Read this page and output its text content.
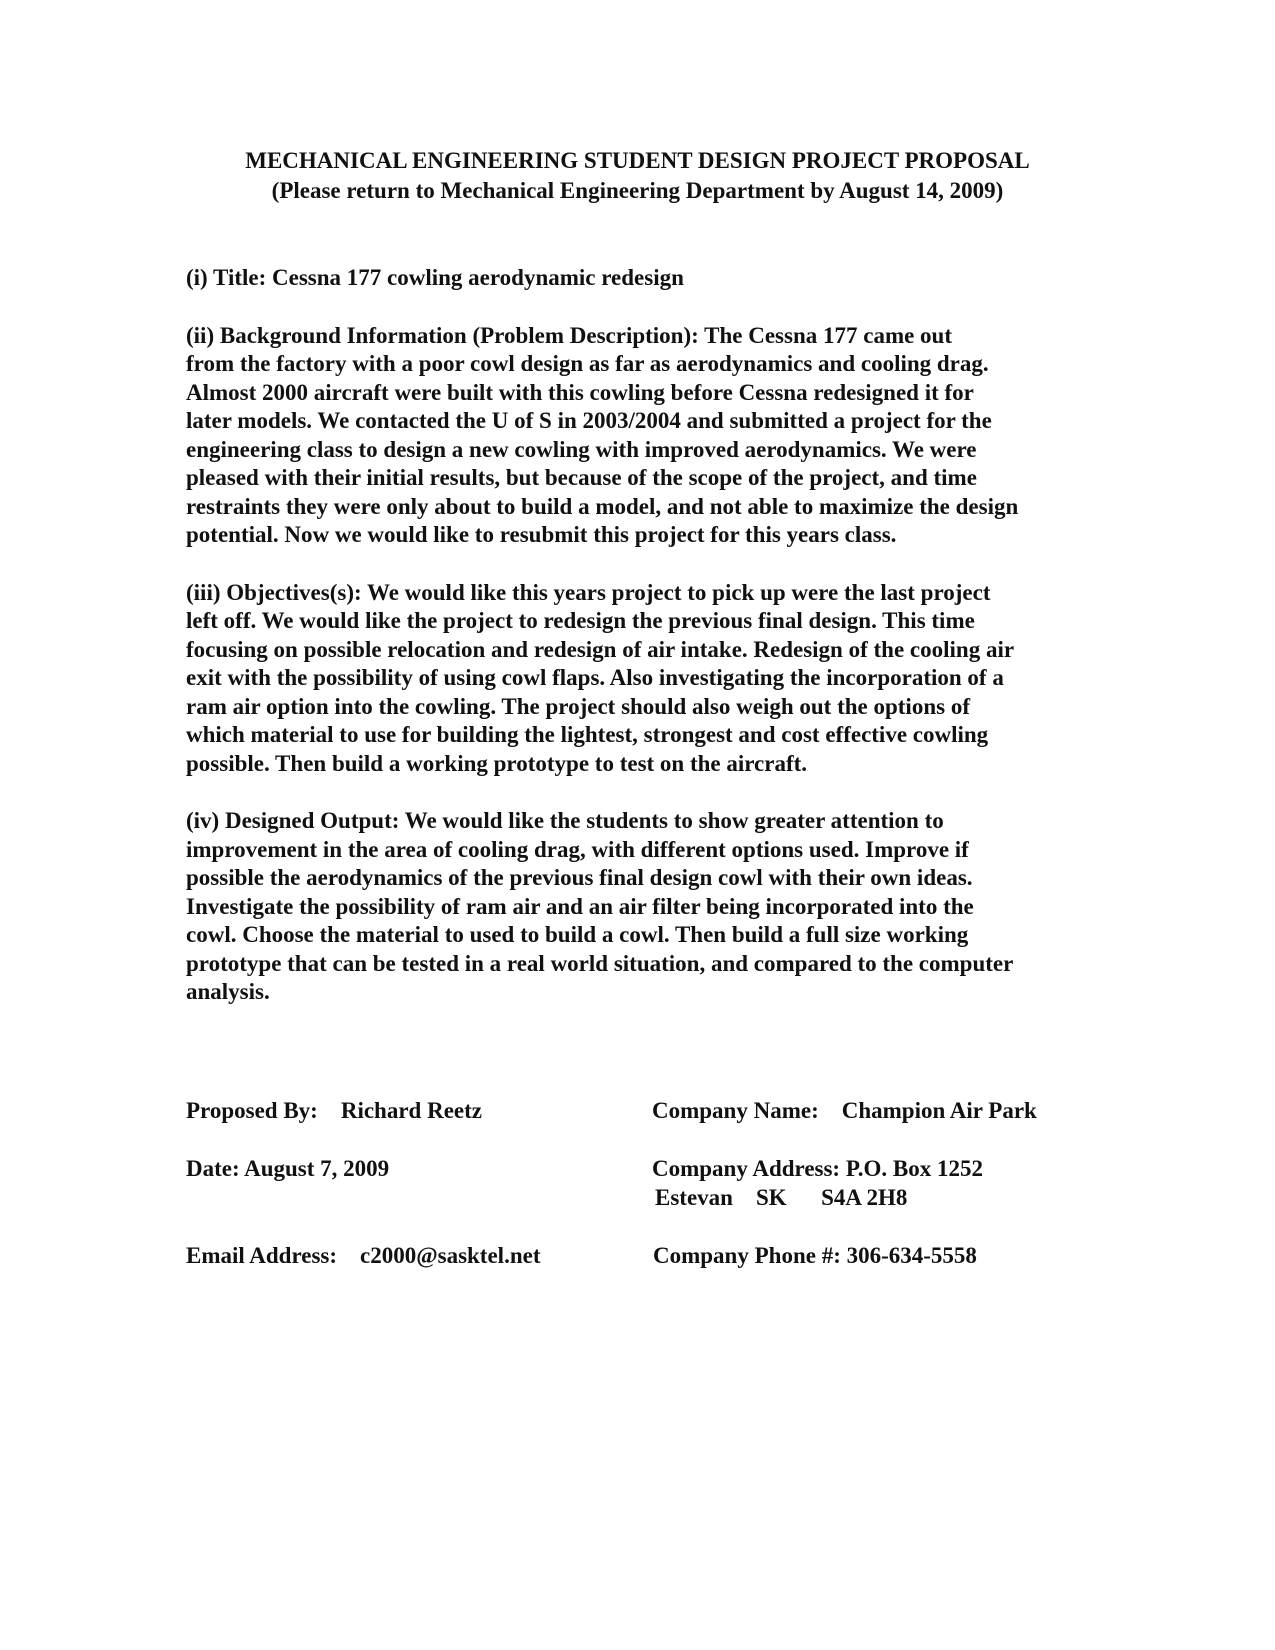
MECHANICAL ENGINEERING STUDENT DESIGN PROJECT PROPOSAL
(Please return to Mechanical Engineering Department by August 14, 2009)
(i) Title: Cessna 177 cowling aerodynamic redesign
(ii) Background Information (Problem Description): The Cessna 177 came out
from the factory with a poor cowl design as far as aerodynamics and cooling drag.
Almost 2000 aircraft were built with this cowling before Cessna redesigned it for
later models. We contacted the U of S in 2003/2004 and submitted a project for the
engineering class to design a new cowling with improved aerodynamics. We were
pleased with their initial results, but because of the scope of the project, and time
restraints they were only about to build a model, and not able to maximize the design
potential. Now we would like to resubmit this project for this years class.
(iii) Objectives(s): We would like this years project to pick up were the last project
left off. We would like the project to redesign the previous final design. This time
focusing on possible relocation and redesign of air intake. Redesign of the cooling air
exit with the possibility of using cowl flaps. Also investigating the incorporation of a
ram air option into the cowling. The project should also weigh out the options of
which material to use for building the lightest, strongest and cost effective cowling
possible. Then build a working prototype to test on the aircraft.
(iv) Designed Output: We would like the students to show greater attention to
improvement in the area of cooling drag, with different options used. Improve if
possible the aerodynamics of the previous final design cowl with their own ideas.
Investigate the possibility of ram air and an air filter being incorporated into the
cowl. Choose the material to used to build a cowl. Then build a full size working
prototype that can be tested in a real world situation, and compared to the computer
analysis.
Proposed By:    Richard Reetz	Company Name:    Champion Air Park
Date: August 7, 2009	Company Address: P.O. Box 1252
Estevan    SK      S4A 2H8
Email Address:    c2000@sasktel.net	Company Phone #: 306-634-5558
